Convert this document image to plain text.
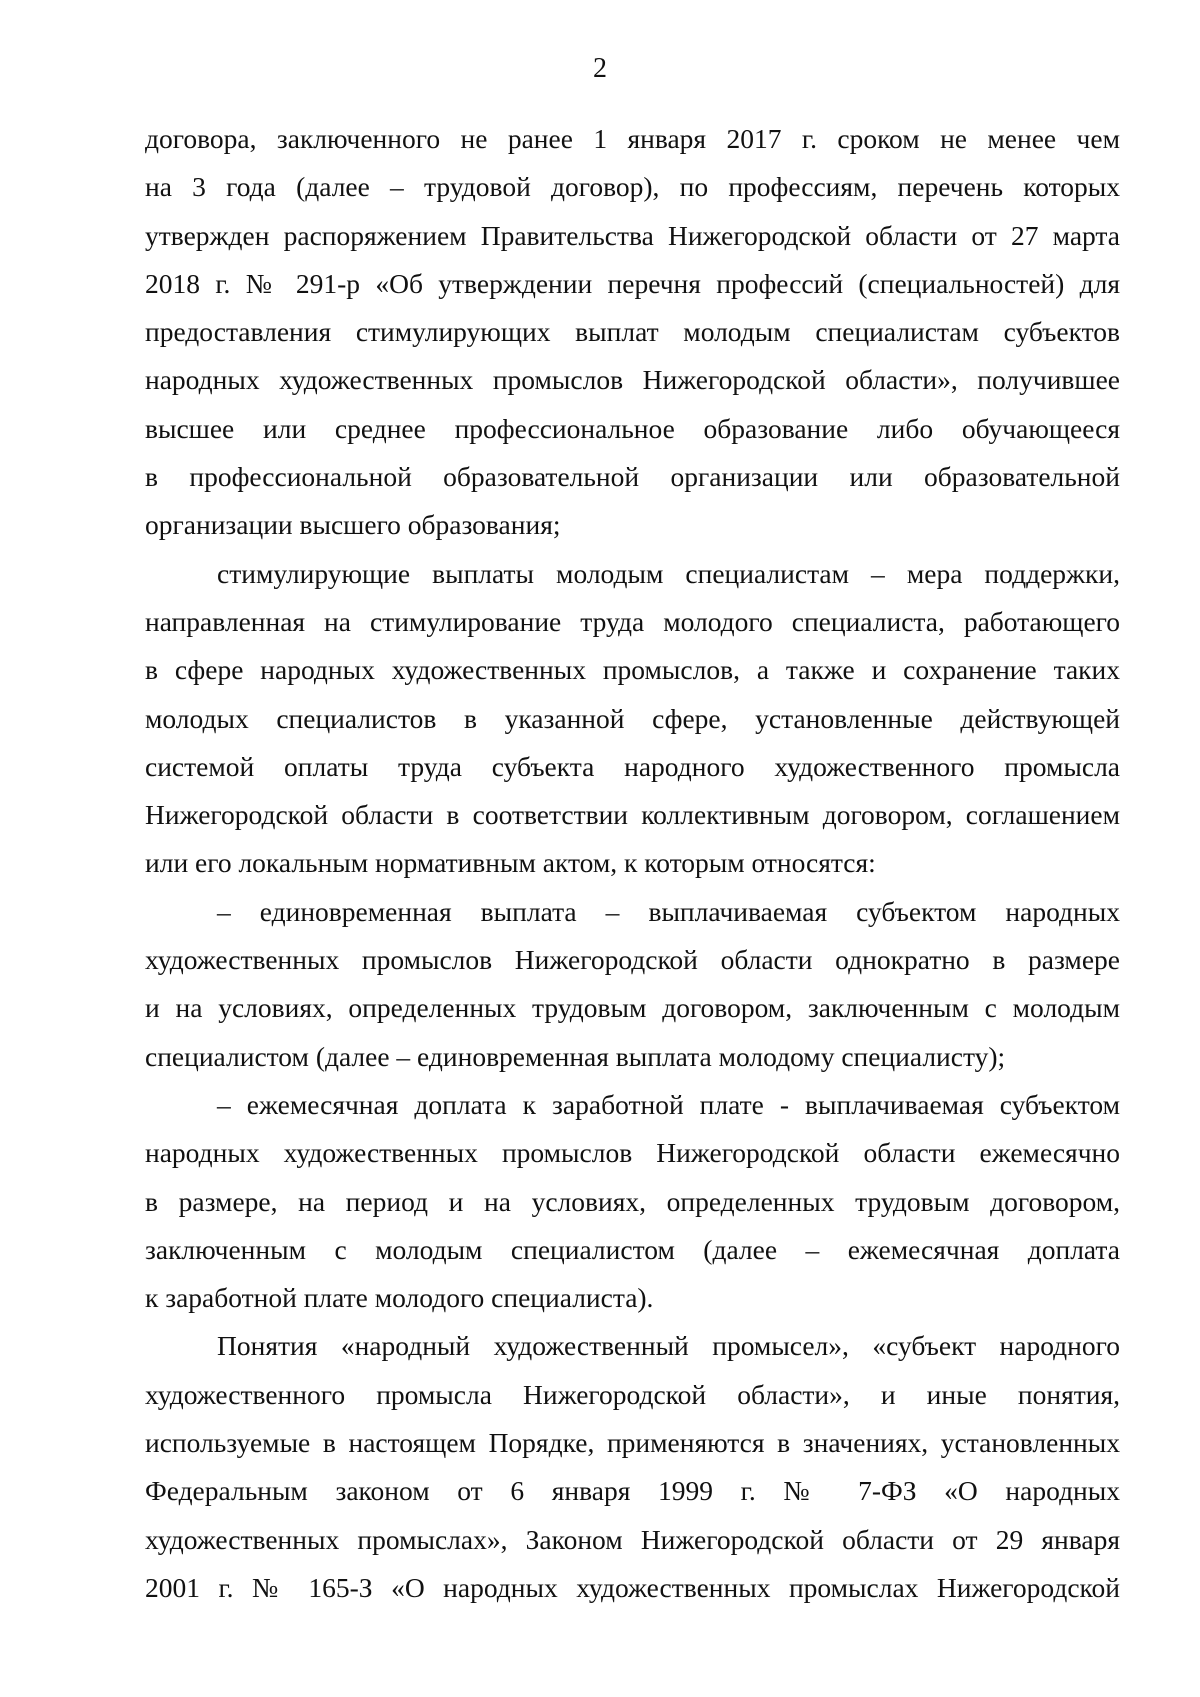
2
договора, заключенного не ранее 1 января 2017 г. сроком не менее чем
на 3 года (далее – трудовой договор), по профессиям, перечень которых
утвержден распоряжением Правительства Нижегородской области от 27 марта
2018 г. № 291-р «Об утверждении перечня профессий (специальностей) для
предоставления стимулирующих выплат молодым специалистам субъектов
народных художественных промыслов Нижегородской области», получившее
высшее или среднее профессиональное образование либо обучающееся
в профессиональной образовательной организации или образовательной
организации высшего образования;
стимулирующие выплаты молодым специалистам – мера поддержки,
направленная на стимулирование труда молодого специалиста, работающего
в сфере народных художественных промыслов, а также и сохранение таких
молодых специалистов в указанной сфере, установленные действующей
системой оплаты труда субъекта народного художественного промысла
Нижегородской области в соответствии коллективным договором, соглашением
или его локальным нормативным актом, к которым относятся:
– единовременная выплата – выплачиваемая субъектом народных
художественных промыслов Нижегородской области однократно в размере
и на условиях, определенных трудовым договором, заключенным с молодым
специалистом (далее – единовременная выплата молодому специалисту);
– ежемесячная доплата к заработной плате - выплачиваемая субъектом
народных художественных промыслов Нижегородской области ежемесячно
в размере, на период и на условиях, определенных трудовым договором,
заключенным с молодым специалистом (далее – ежемесячная доплата
к заработной плате молодого специалиста).
Понятия «народный художественный промысел», «субъект народного
художественного промысла Нижегородской области», и иные понятия,
используемые в настоящем Порядке, применяются в значениях, установленных
Федеральным законом от 6 января 1999 г. № 7-ФЗ «О народных
художественных промыслах», Законом Нижегородской области от 29 января
2001 г. № 165-З «О народных художественных промыслах Нижегородской
